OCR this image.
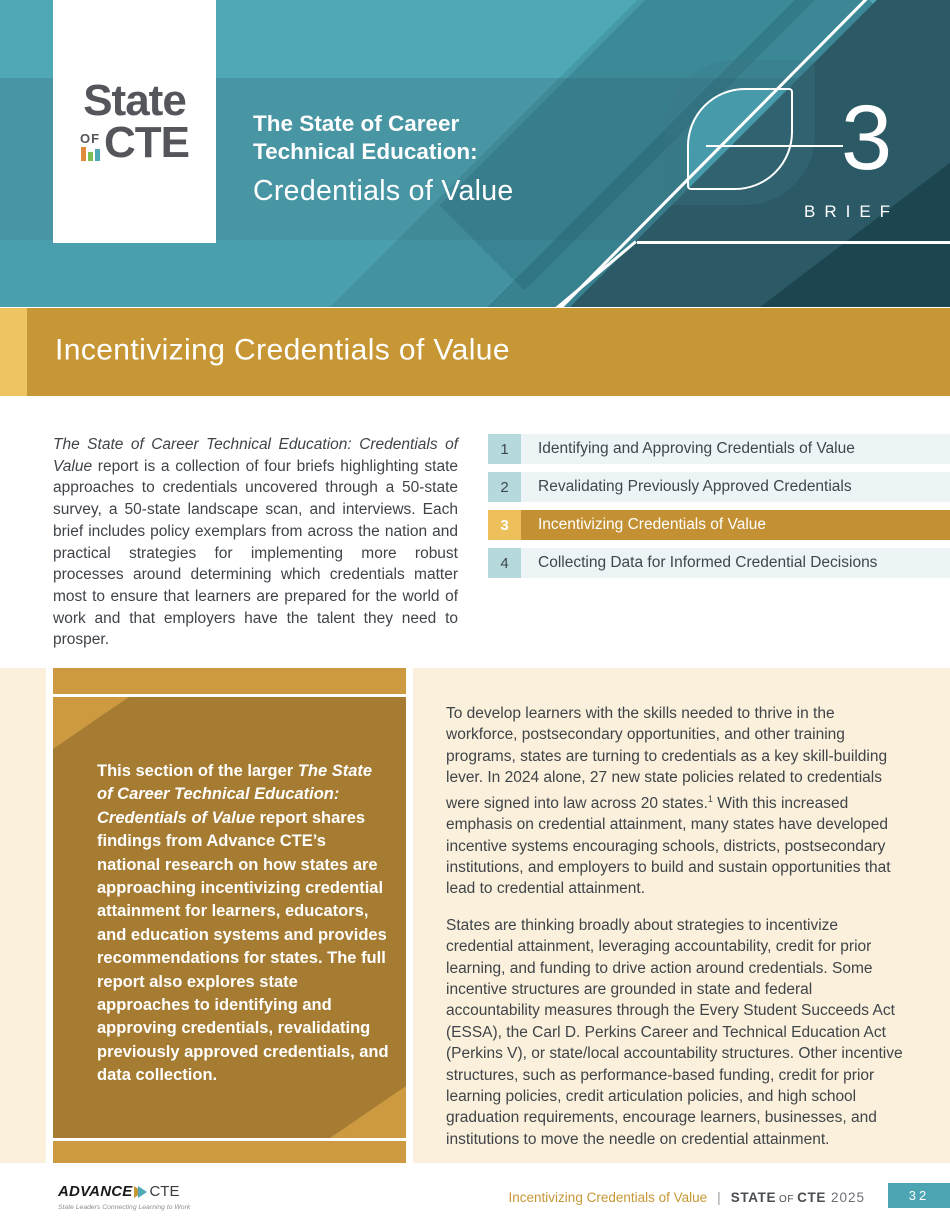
3
BRIEF
State
OF CTE	The State of Career
Technical Education:
Credentials of Value
Incentivizing Credentials of Value
The State of Career Technical Education: Credentials of Value report is a collection of four briefs highlighting state approaches to credentials uncovered through a 50-state survey, a 50-state landscape scan, and interviews. Each brief includes policy exemplars from across the nation and practical strategies for implementing more robust processes around determining which credentials matter most to ensure that learners are prepared for the world of work and that employers have the talent they need to prosper.
1	Identifying and Approving Credentials of Value
2	Revalidating Previously Approved Credentials
3	Incentivizing Credentials of Value
4	Collecting Data for Informed Credential Decisions
This section of the larger The State of Career Technical Education: Credentials of Value report shares findings from Advance CTE’s national research on how states are approaching incentivizing credential attainment for learners, educators, and education systems and provides recommendations for states. The full report also explores state approaches to identifying and approving credentials, revalidating previously approved credentials, and data collection.

To develop learners with the skills needed to thrive in the workforce, postsecondary opportunities, and other training programs, states are turning to credentials as a key skill-building lever. In 2024 alone, 27 new state policies related to credentials were signed into law across 20 states.$^1$ With this increased emphasis on credential attainment, many states have developed incentive systems encouraging schools, districts, postsecondary institutions, and employers to build and sustain opportunities that lead to credential attainment.

States are thinking broadly about strategies to incentivize credential attainment, leveraging accountability, credit for prior learning, and funding to drive action around credentials. Some incentive structures are grounded in state and federal accountability measures through the Every Student Succeeds Act (ESSA), the Carl D. Perkins Career and Technical Education Act (Perkins V), or state/local accountability structures. Other incentive structures, such as performance-based funding, credit for prior learning policies, credit articulation policies, and high school graduation requirements, encourage learners, businesses, and institutions to move the needle on credential attainment.

ADVANCE CTE
State Leaders Connecting Learning to Work
Incentivizing Credentials of Value | STATE OF CTE 2025	32
